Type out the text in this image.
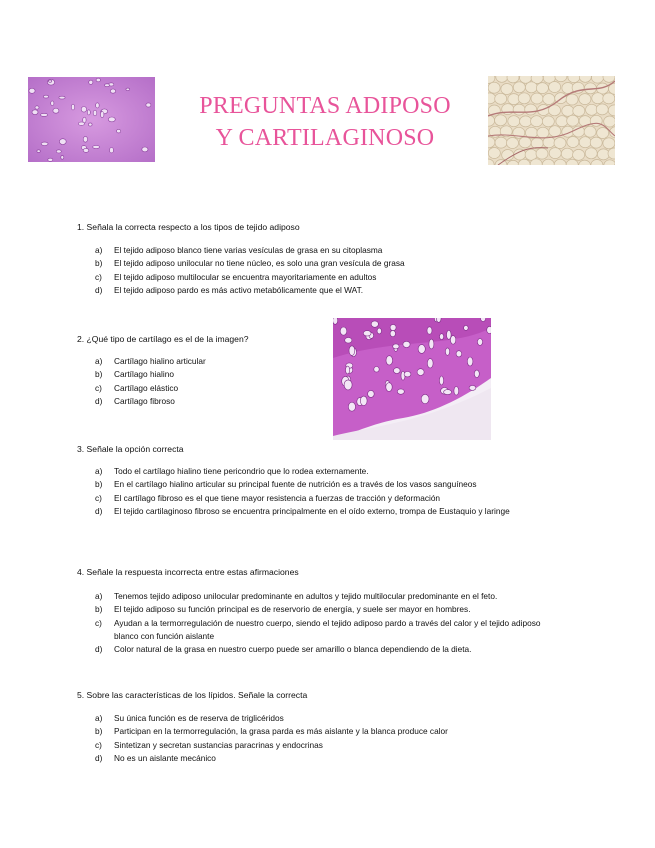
PREGUNTAS ADIPOSO
Y CARTILAGINOSO
1. Señala la correcta respecto a los tipos de tejido adiposo
a) El tejido adiposo blanco tiene varias vesículas de grasa en su citoplasma
b) El tejido adiposo unilocular no tiene núcleo, es solo una gran vesícula de grasa
c) El tejido adiposo multilocular se encuentra mayoritariamente en adultos
d) El tejido adiposo pardo es más activo metabólicamente que el WAT.
2. ¿Qué tipo de cartílago es el de la imagen?
a) Cartílago hialino articular
b) Cartílago hialino
c) Cartílago elástico
d) Cartílago fibroso
3. Señale la opción correcta
a) Todo el cartílago hialino tiene pericondrio que lo rodea externamente.
b) En el cartílago hialino articular su principal fuente de nutrición es a través de los vasos sanguíneos
c) El cartílago fibroso es el que tiene mayor resistencia a fuerzas de tracción y deformación
d) El tejido cartilaginoso fibroso se encuentra principalmente en el oído externo, trompa de Eustaquio y laringe
4. Señale la respuesta incorrecta entre estas afirmaciones
a) Tenemos tejido adiposo unilocular predominante en adultos y tejido multilocular predominante en el feto.
b) El tejido adiposo su función principal es de reservorio de energía, y suele ser mayor en hombres.
c) Ayudan a la termorregulación de nuestro cuerpo, siendo el tejido adiposo pardo a través del calor y el tejido adiposo blanco con función aislante
d) Color natural de la grasa en nuestro cuerpo puede ser amarillo o blanca dependiendo de la dieta.
5. Sobre las características de los lípidos. Señale la correcta
a) Su única función es de reserva de triglicéridos
b) Participan en la termorregulación, la grasa parda es más aislante y la blanca produce calor
c) Sintetizan y secretan sustancias paracrinas y endocrinas
d) No es un aislante mecánico
